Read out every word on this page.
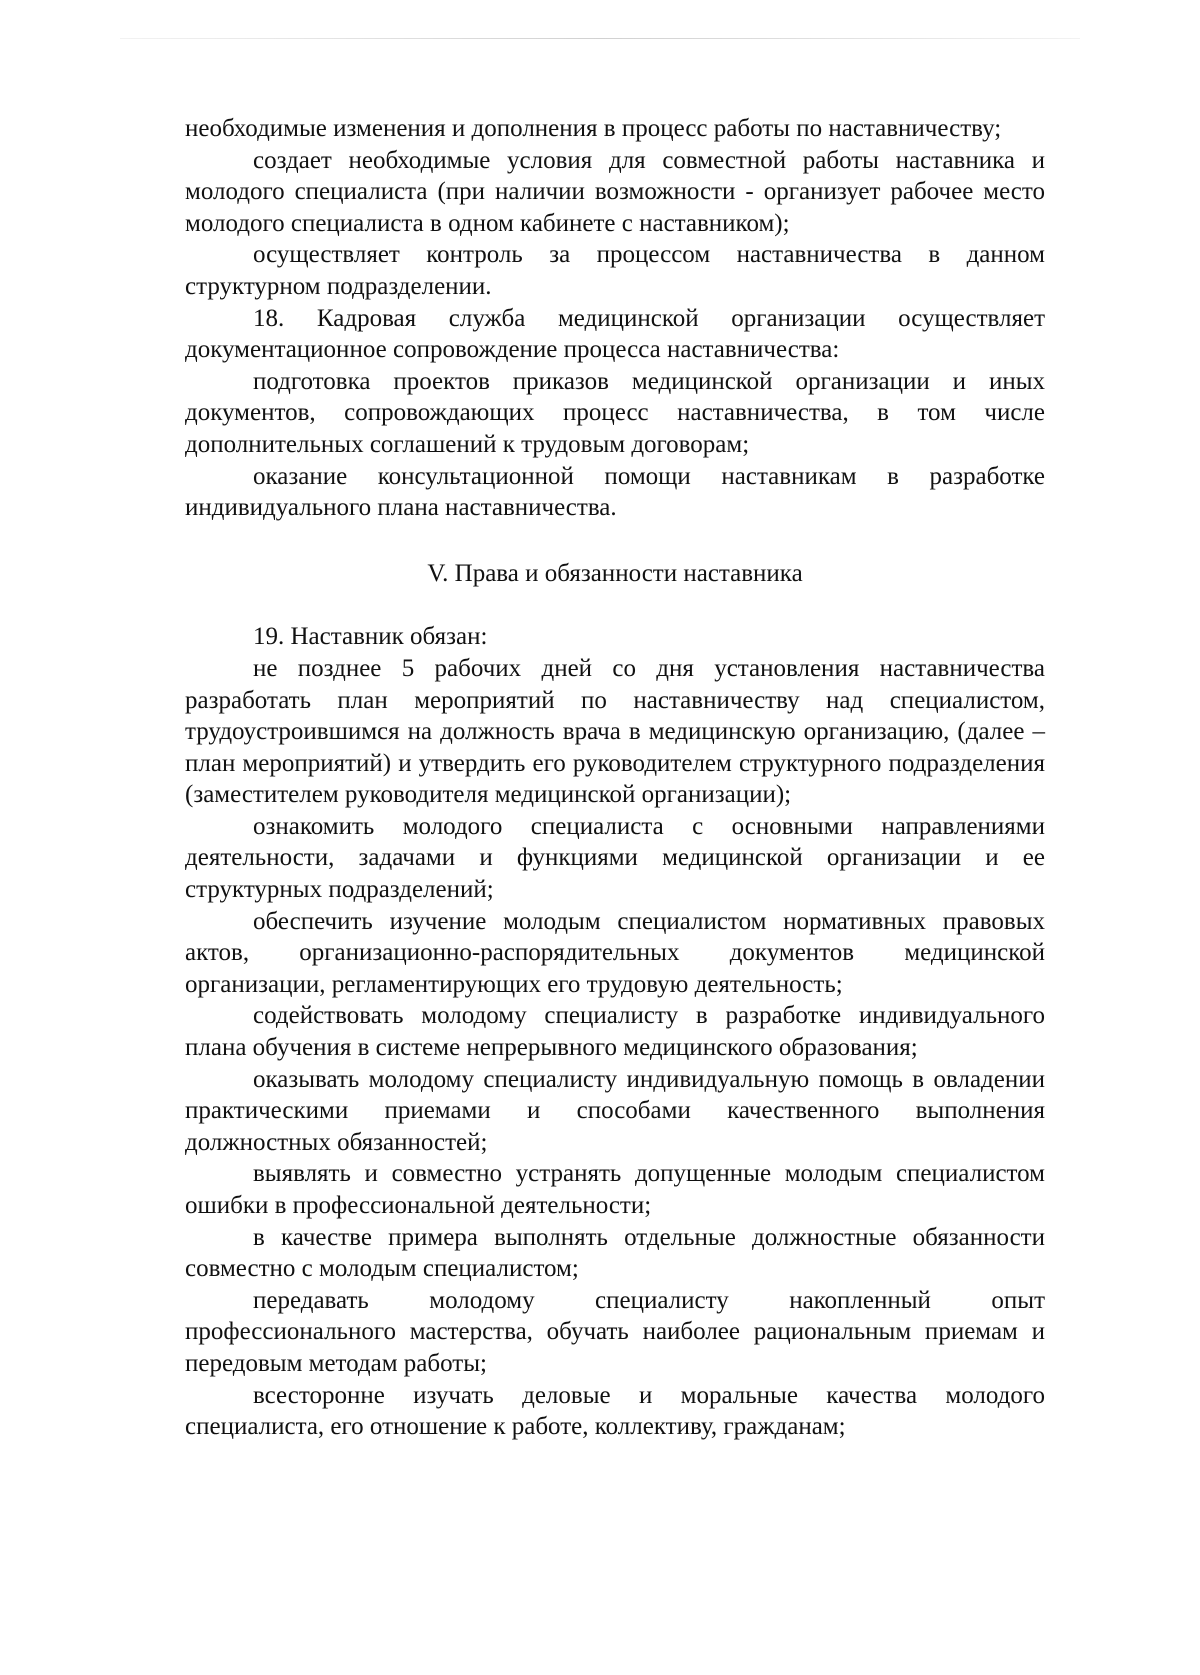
необходимые изменения и дополнения в процесс работы по наставничеству;

создает необходимые условия для совместной работы наставника и молодого специалиста (при наличии возможности - организует рабочее место молодого специалиста в одном кабинете с наставником);

осуществляет контроль за процессом наставничества в данном структурном подразделении.

18. Кадровая служба медицинской организации осуществляет документационное сопровождение процесса наставничества:

подготовка проектов приказов медицинской организации и иных документов, сопровождающих процесс наставничества, в том числе дополнительных соглашений к трудовым договорам;

оказание консультационной помощи наставникам в разработке индивидуального плана наставничества.

V. Права и обязанности наставника

19. Наставник обязан:

не позднее 5 рабочих дней со дня установления наставничества разработать план мероприятий по наставничеству над специалистом, трудоустроившимся на должность врача в медицинскую организацию, (далее – план мероприятий) и утвердить его руководителем структурного подразделения (заместителем руководителя медицинской организации);

ознакомить молодого специалиста с основными направлениями деятельности, задачами и функциями медицинской организации и ее структурных подразделений;

обеспечить изучение молодым специалистом нормативных правовых актов, организационно-распорядительных документов медицинской организации, регламентирующих его трудовую деятельность;

содействовать молодому специалисту в разработке индивидуального плана обучения в системе непрерывного медицинского образования;

оказывать молодому специалисту индивидуальную помощь в овладении практическими приемами и способами качественного выполнения должностных обязанностей;

выявлять и совместно устранять допущенные молодым специалистом ошибки в профессиональной деятельности;

в качестве примера выполнять отдельные должностные обязанности совместно с молодым специалистом;

передавать молодому специалисту накопленный опыт профессионального мастерства, обучать наиболее рациональным приемам и передовым методам работы;

всесторонне изучать деловые и моральные качества молодого специалиста, его отношение к работе, коллективу, гражданам;
